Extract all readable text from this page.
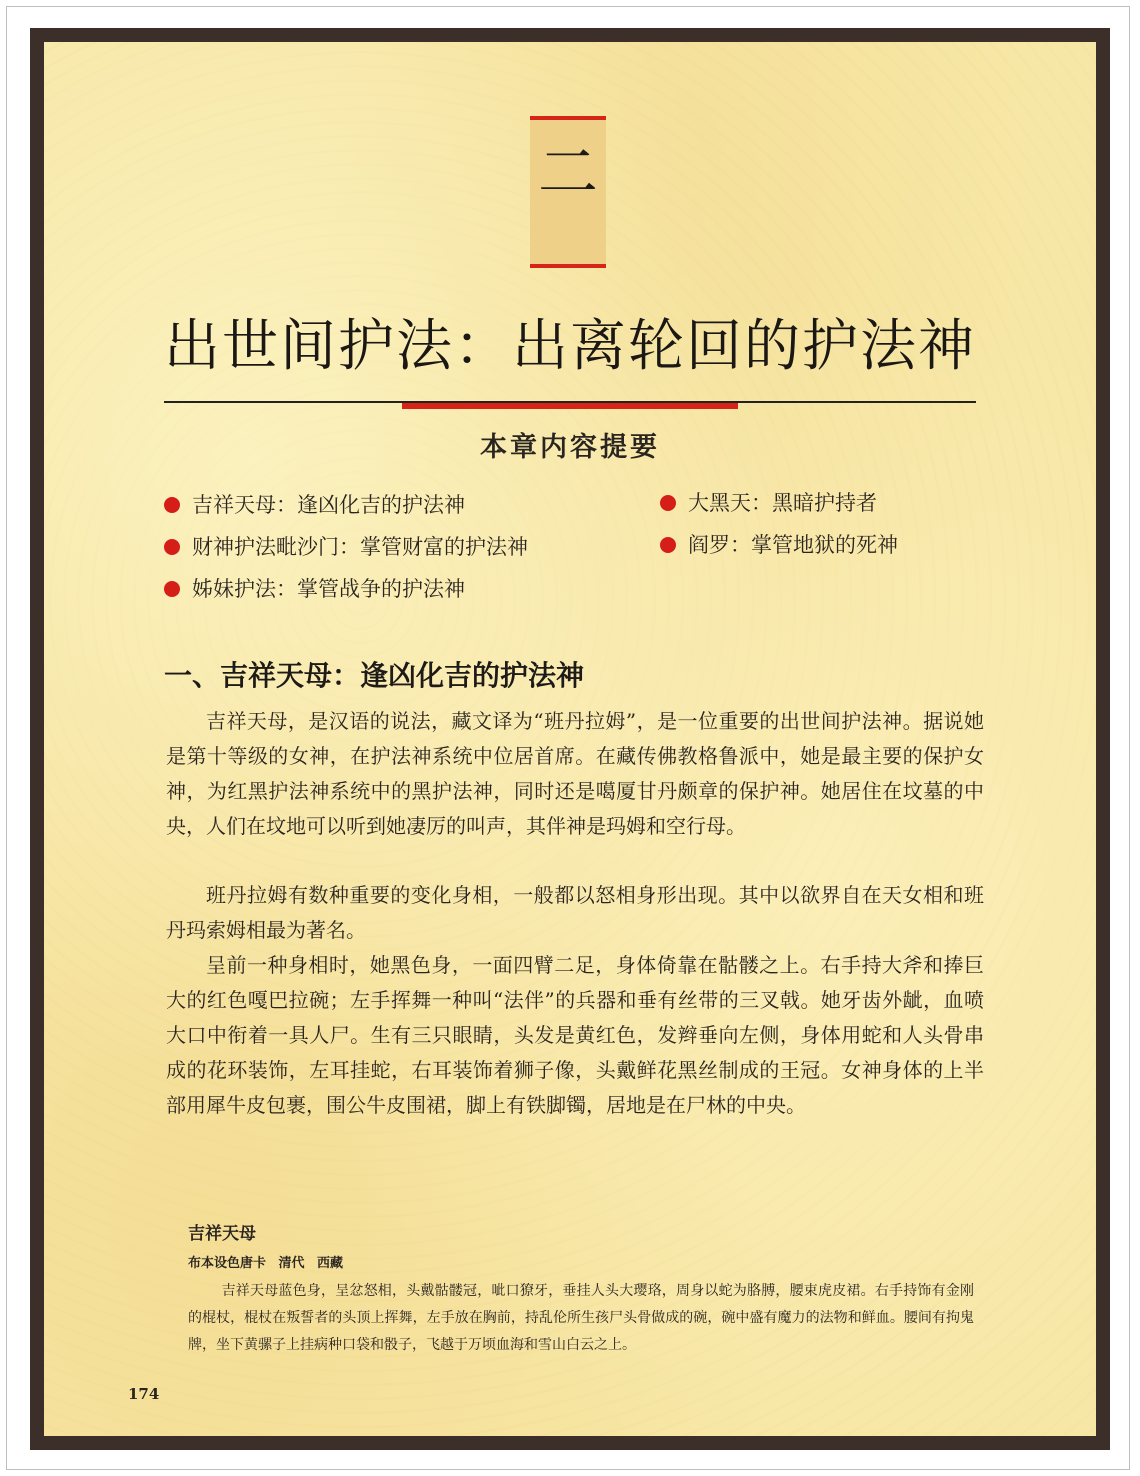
二
出世间护法：出离轮回的护法神
本章内容提要
吉祥天母：逢凶化吉的护法神
财神护法毗沙门：掌管财富的护法神
姊妹护法：掌管战争的护法神
大黑天：黑暗护持者
阎罗：掌管地狱的死神
一、吉祥天母：逢凶化吉的护法神

吉祥天母，是汉语的说法，藏文译为“班丹拉姆”，是一位重要的出世间护法神。据说她是第十等级的女神，在护法神系统中位居首席。在藏传佛教格鲁派中，她是最主要的保护女神，为红黑护法神系统中的黑护法神，同时还是噶厦甘丹颇章的保护神。她居住在坟墓的中央，人们在坟地可以听到她凄厉的叫声，其伴神是玛姆和空行母。

班丹拉姆有数种重要的变化身相，一般都以怒相身形出现。其中以欲界自在天女相和班丹玛索姆相最为著名。

呈前一种身相时，她黑色身，一面四臂二足，身体倚靠在骷髅之上。右手持大斧和捧巨大的红色嘎巴拉碗；左手挥舞一种叫“法伴”的兵器和垂有丝带的三叉戟。她牙齿外龇，血喷大口中衔着一具人尸。生有三只眼睛，头发是黄红色，发辫垂向左侧，身体用蛇和人头骨串成的花环装饰，左耳挂蛇，右耳装饰着狮子像，头戴鲜花黑丝制成的王冠。女神身体的上半部用犀牛皮包裹，围公牛皮围裙，脚上有铁脚镯，居地是在尸林的中央。

吉祥天母
布本设色唐卡 清代 西藏

吉祥天母蓝色身，呈忿怒相，头戴骷髅冠，呲口獠牙，垂挂人头大璎珞，周身以蛇为胳膊，腰束虎皮裙。右手持饰有金刚的棍杖，棍杖在叛誓者的头顶上挥舞，左手放在胸前，持乱伦所生孩尸头骨做成的碗，碗中盛有魔力的法物和鲜血。腰间有拘鬼牌，坐下黄骡子上挂病种口袋和骰子，飞越于万顷血海和雪山白云之上。

174
